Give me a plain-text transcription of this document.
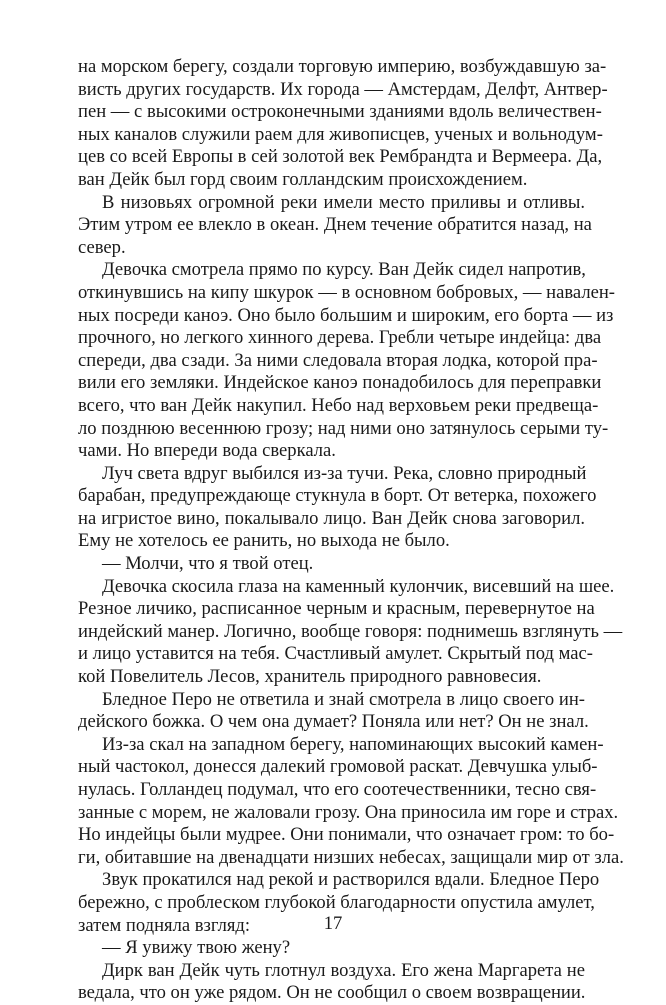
на морском берегу, создали торговую империю, возбуждавшую за-
висть других государств. Их города — Амстердам, Делфт, Антвер-
пен — с высокими остроконечными зданиями вдоль величествен-
ных каналов служили раем для живописцев, ученых и вольнодум-
цев со всей Европы в сей золотой век Рембрандта и Вермеера. Да,
ван Дейк был горд своим голландским происхождением.
В низовьях огромной реки имели место приливы и отливы.
Этим утром ее влекло в океан. Днем течение обратится назад, на
север.
Девочка смотрела прямо по курсу. Ван Дейк сидел напротив,
откинувшись на кипу шкурок — в основном бобровых, — навален-
ных посреди каноэ. Оно было большим и широким, его борта — из
прочного, но легкого хинного дерева. Гребли четыре индейца: два
спереди, два сзади. За ними следовала вторая лодка, которой пра-
вили его земляки. Индейское каноэ понадобилось для переправки
всего, что ван Дейк накупил. Небо над верховьем реки предвеща-
ло позднюю весеннюю грозу; над ними оно затянулось серыми ту-
чами. Но впереди вода сверкала.
Луч света вдруг выбился из-за тучи. Река, словно природный
барабан, предупреждающе стукнула в борт. От ветерка, похожего
на игристое вино, покалывало лицо. Ван Дейк снова заговорил.
Ему не хотелось ее ранить, но выхода не было.
— Молчи, что я твой отец.
Девочка скосила глаза на каменный кулончик, висевший на шее.
Резное личико, расписанное черным и красным, перевернутое на
индейский манер. Логично, вообще говоря: поднимешь взглянуть —
и лицо уставится на тебя. Счастливый амулет. Скрытый под мас-
кой Повелитель Лесов, хранитель природного равновесия.
Бледное Перо не ответила и знай смотрела в лицо своего ин-
дейского божка. О чем она думает? Поняла или нет? Он не знал.
Из-за скал на западном берегу, напоминающих высокий камен-
ный частокол, донесся далекий громовой раскат. Девчушка улыб-
нулась. Голландец подумал, что его соотечественники, тесно свя-
занные с морем, не жаловали грозу. Она приносила им горе и страх.
Но индейцы были мудрее. Они понимали, что означает гром: то бо-
ги, обитавшие на двенадцати низших небесах, защищали мир от зла.
Звук прокатился над рекой и растворился вдали. Бледное Перо
бережно, с проблеском глубокой благодарности опустила амулет,
затем подняла взгляд:
— Я увижу твою жену?
Дирк ван Дейк чуть глотнул воздуха. Его жена Маргарета не
ведала, что он уже рядом. Он не сообщил о своем возвращении.
17
